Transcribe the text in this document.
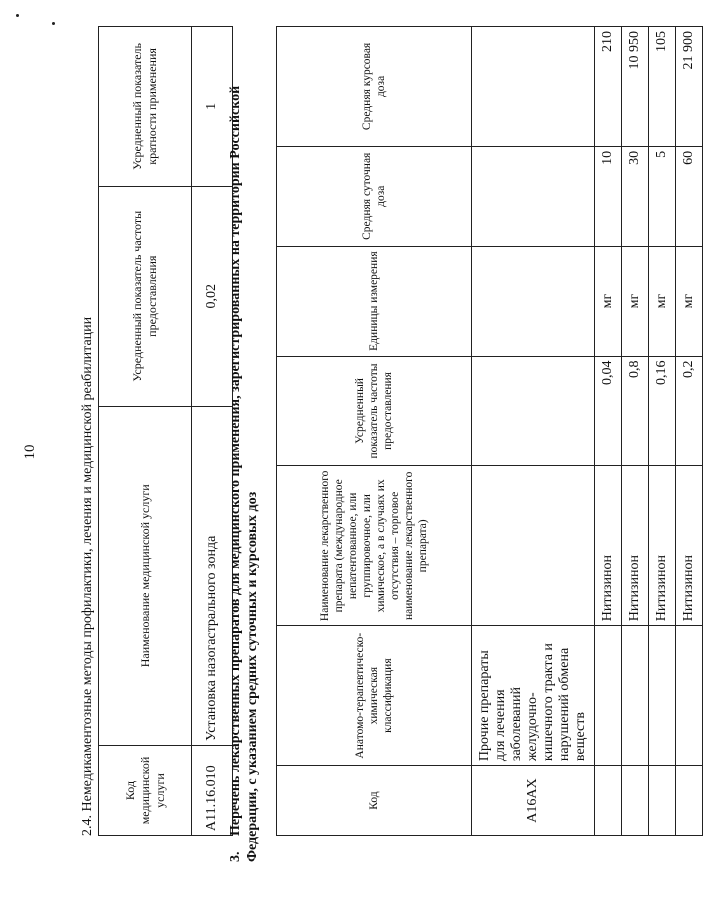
10	2.4. Немедикаментозные методы профилактики, лечения и медицинской реабилитации Код медицинской услуги	Наименование медицинской услуги	Усредненный показатель частоты предоставления	Усредненный показатель кратности применения
A11.16.010	Установка назогастрального зонда	0,02	1
3.Перечень лекарственных препаратов для медицинского применения, зарегистрированных на территории Российской Федерации, с указанием средних суточных и курсовых доз	Код	Анатомо-терапевтическо-химическая классификация	Наименование лекарственного препарата (международное непатентованное, или группировочное, или химическое, а в случаях их отсутствия – торговое наименование лекарственного препарата)	Усредненный показатель частоты предоставления	Единицы измерения	Средняя суточная доза	Средняя курсовая доза
A16AX	Прочие препараты для лечения заболеваний желудочно-кишечного тракта и нарушений обмена веществ					
		Нитизинон	0,04	мг	10	210
		Нитизинон	0,8	мг	30	10 950
		Нитизинон	0,16	мг	5	105
		Нитизинон	0,2	мг	60	21 900
